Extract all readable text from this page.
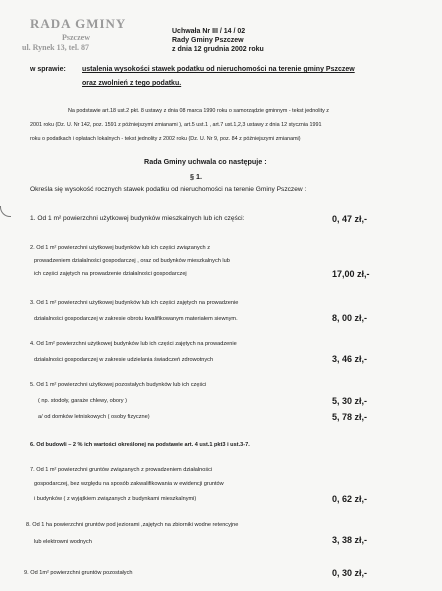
RADA GMINY
Pszczew
ul. Rynek 13, tel. 87
Uchwała Nr III / 14 / 02
Rady Gminy Pszczew
z dnia 12 grudnia 2002 roku
w sprawie: ustalenia wysokości stawek podatku od nieruchomości na terenie gminy Pszczew
oraz zwolnień z tego podatku.
Na podstawie art.18 ust.2 pkt. 8 ustawy z dnia 08 marca 1990 roku o samorządzie gminnym - tekst jednolity z
2001 roku (Dz. U. Nr 142, poz. 1591 z późniejszymi zmianami ), art.5 ust.1 , art.7 ust.1,2,3 ustawy z dnia 12 stycznia 1991
roku o podatkach i opłatach lokalnych - tekst jednolity z 2002 roku (Dz. U. Nr 9, poz. 84 z późniejszymi zmianami)
Rada Gminy uchwala co następuje :
§ 1.
Określa się wysokość rocznych stawek podatku od nieruchomości na terenie Gminy Pszczew :
1. Od 1 m² powierzchni użytkowej budynków mieszkalnych lub ich części:	0, 47 zł,-
2. Od 1 m² powierzchni użytkowej budynków lub ich części związanych z
prowadzeniem działalności gospodarczej , oraz od budynków mieszkalnych lub
ich części zajętych na prowadzenie działalności gospodarczej	17,00 zł,-
3. Od 1 m² powierzchni użytkowej budynków lub ich części zajętych na prowadzenie
działalności gospodarczej w zakresie obrotu kwalifikowanym materiałem siewnym.	8, 00 zł,-
4. Od 1m² powierzchni użytkowej budynków lub ich części zajętych na prowadzenie
działalności gospodarczej w zakresie udzielania świadczeń zdrowotnych	3, 46 zł,-
5. Od 1 m² powierzchni użytkowej pozostałych budynków lub ich części
( np. stodoły, garaże chlewy, obory )	5, 30 zł,-
a/ od domków letniskowych ( osoby fizyczne)	5, 78 zł,-
6. Od budowli – 2 % ich wartości określonej na podstawie art. 4 ust.1 pkt3 i ust.3-7.
7. Od 1 m² powierzchni gruntów związanych z prowadzeniem działalności
gospodarczej, bez względu na sposób zakwalifikowania w ewidencji gruntów
i budynków ( z wyjątkiem związanych z budynkami mieszkalnymi)	0, 62 zł,-
8. Od 1 ha powierzchni gruntów pod jeziorami ,zajętych na zbiorniki wodne retencyjne
lub elektrowni wodnych	3, 38 zł,-
9. Od 1m² powierzchni gruntów pozostałych	0, 30 zł,-
